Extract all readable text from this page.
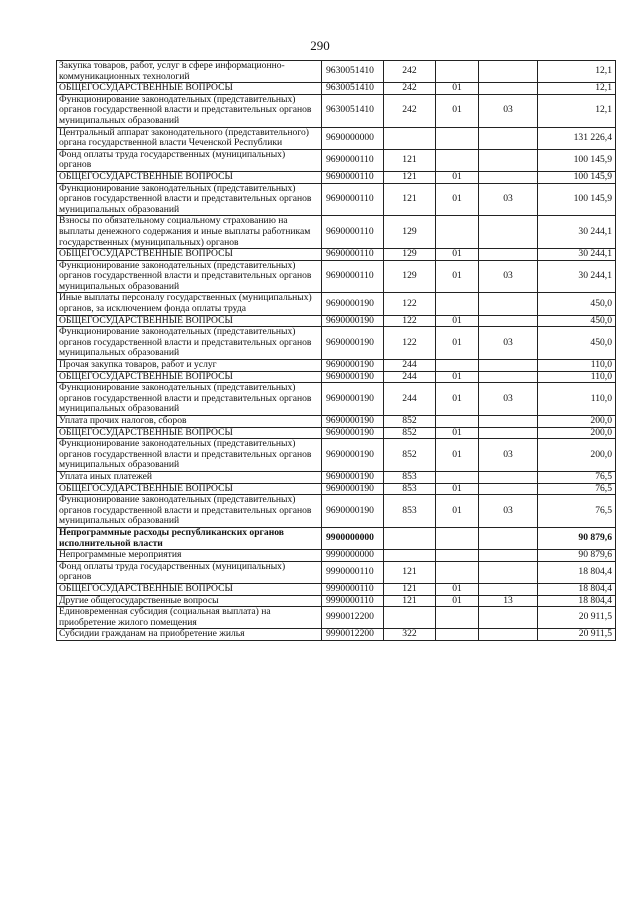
290
Закупка товаров, работ, услуг в сфере информационно-коммуникационных технологий	9630051410	242			12,1
ОБЩЕГОСУДАРСТВЕННЫЕ ВОПРОСЫ	9630051410	242	01		12,1
Функционирование законодательных (представительных) органов государственной власти и представительных органов муниципальных образований	9630051410	242	01	03	12,1
Центральный аппарат законодательного (представительного) органа государственной власти Чеченской Республики	9690000000				131 226,4
Фонд оплаты труда государственных (муниципальных) органов	9690000110	121			100 145,9
ОБЩЕГОСУДАРСТВЕННЫЕ ВОПРОСЫ	9690000110	121	01		100 145,9
Функционирование законодательных (представительных) органов государственной власти и представительных органов муниципальных образований	9690000110	121	01	03	100 145,9
Взносы по обязательному социальному страхованию на выплаты денежного содержания и иные выплаты работникам государственных (муниципальных) органов	9690000110	129			30 244,1
ОБЩЕГОСУДАРСТВЕННЫЕ ВОПРОСЫ	9690000110	129	01		30 244,1
Функционирование законодательных (представительных) органов государственной власти и представительных органов муниципальных образований	9690000110	129	01	03	30 244,1
Иные выплаты персоналу государственных (муниципальных) органов, за исключением фонда оплаты труда	9690000190	122			450,0
ОБЩЕГОСУДАРСТВЕННЫЕ ВОПРОСЫ	9690000190	122	01		450,0
Функционирование законодательных (представительных) органов государственной власти и представительных органов муниципальных образований	9690000190	122	01	03	450,0
Прочая закупка товаров, работ и услуг	9690000190	244			110,0
ОБЩЕГОСУДАРСТВЕННЫЕ ВОПРОСЫ	9690000190	244	01		110,0
Функционирование законодательных (представительных) органов государственной власти и представительных органов муниципальных образований	9690000190	244	01	03	110,0
Уплата прочих налогов, сборов	9690000190	852			200,0
ОБЩЕГОСУДАРСТВЕННЫЕ ВОПРОСЫ	9690000190	852	01		200,0
Функционирование законодательных (представительных) органов государственной власти и представительных органов муниципальных образований	9690000190	852	01	03	200,0
Уплата иных платежей	9690000190	853			76,5
ОБЩЕГОСУДАРСТВЕННЫЕ ВОПРОСЫ	9690000190	853	01		76,5
Функционирование законодательных (представительных) органов государственной власти и представительных органов муниципальных образований	9690000190	853	01	03	76,5
Непрограммные расходы республиканских органов исполнительной власти	9900000000				90 879,6
Непрограммные мероприятия	9990000000				90 879,6
Фонд оплаты труда государственных (муниципальных) органов	9990000110	121			18 804,4
ОБЩЕГОСУДАРСТВЕННЫЕ ВОПРОСЫ	9990000110	121	01		18 804,4
Другие общегосударственные вопросы	9990000110	121	01	13	18 804,4
Единовременная субсидия (социальная выплата) на приобретение жилого помещения	9990012200				20 911,5
Субсидии гражданам на приобретение жилья	9990012200	322			20 911,5
